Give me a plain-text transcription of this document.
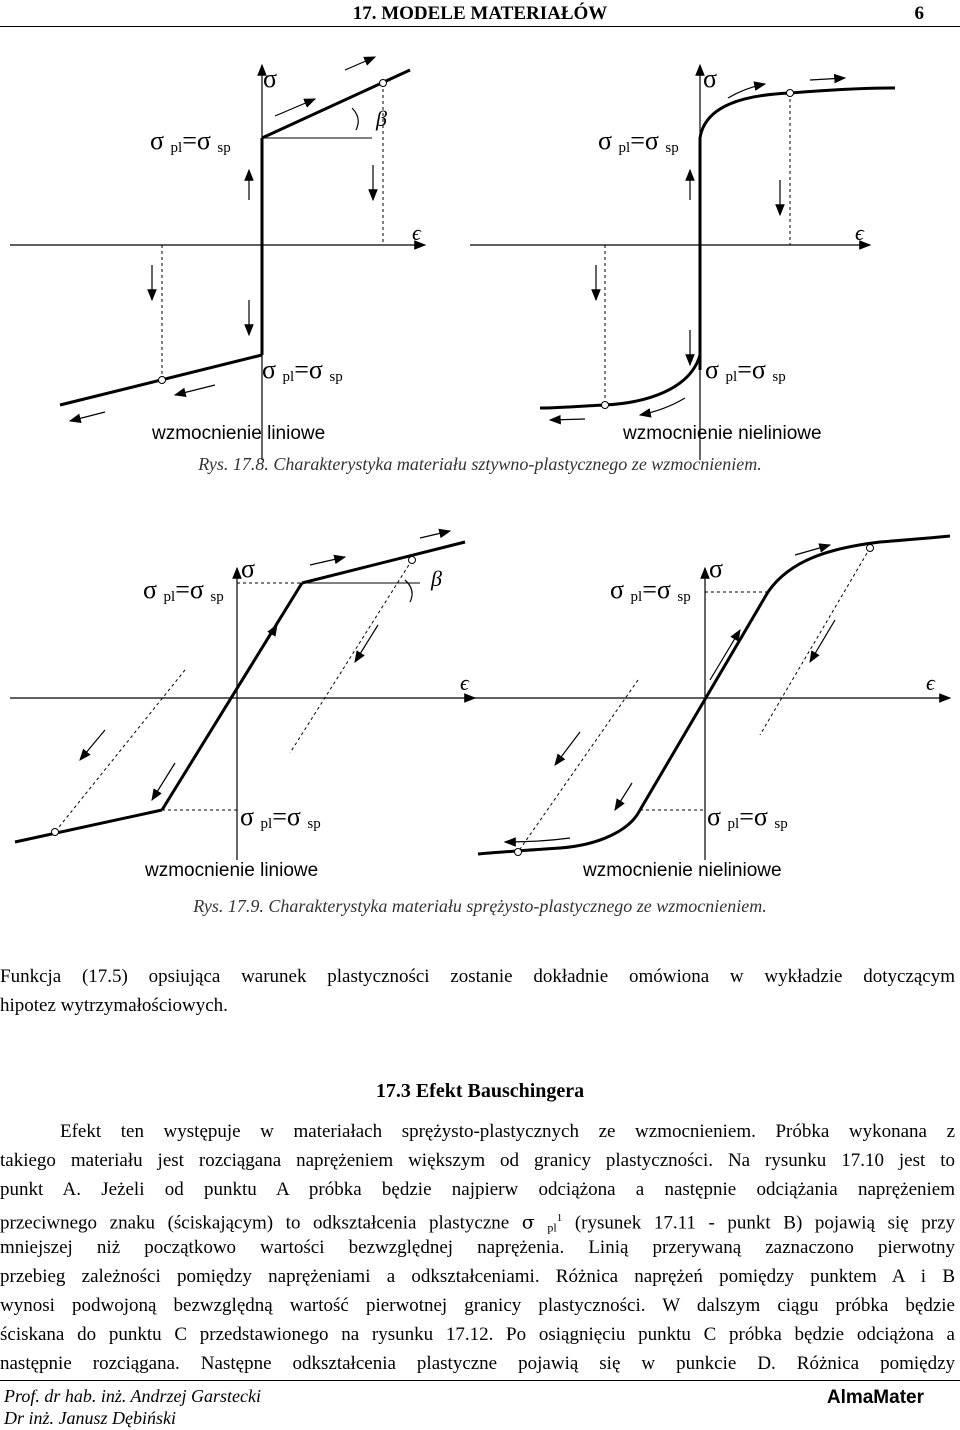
17. MODELE MATERIAŁÓW	6
σ	σ
ϵ	ϵ
β
σ $_{pl}$=σ $_{sp}$	σ $_{pl}$=σ $_{sp}$
σ $_{pl}$=σ $_{sp}$	σ $_{pl}$=σ $_{sp}$
wzmocnienie liniowe	wzmocnienie nieliniowe
Rys. 17.8. Charakterystyka materiału sztywno-plastycznego ze wzmocnieniem.
σ	σ
ϵ	ϵ
β
σ $_{pl}$=σ $_{sp}$	σ $_{pl}$=σ $_{sp}$
σ $_{pl}$=σ $_{sp}$	σ $_{pl}$=σ $_{sp}$
wzmocnienie liniowe	wzmocnienie nieliniowe
Rys. 17.9. Charakterystyka materiału sprężysto-plastycznego ze wzmocnieniem.
Funkcja (17.5) opsiująca warunek plastyczności zostanie dokładnie omówiona w wykładzie dotyczącym
hipotez wytrzymałościowych.
17.3 Efekt Bauschingera
Efekt ten występuje w materiałach sprężysto-plastycznych ze wzmocnieniem. Próbka wykonana z
takiego materiału jest rozciągana naprężeniem większym od granicy plastyczności. Na rysunku 17.10 jest to
punkt A. Jeżeli od punktu A próbka będzie najpierw odciążona a następnie odciążania naprężeniem
przeciwnego znaku (ściskającym) to odkształcenia plastyczne σ $pl^1$ (rysunek 17.11 - punkt B) pojawią się przy
mniejszej niż początkowo wartości bezwzględnej naprężenia. Linią przerywaną zaznaczono pierwotny
przebieg zależności pomiędzy naprężeniami a odkształceniami. Różnica naprężeń pomiędzy punktem A i B
wynosi podwojoną bezwzględną wartość pierwotnej granicy plastyczności. W dalszym ciągu próbka będzie
ściskana do punktu C przedstawionego na rysunku 17.12. Po osiągnięciu punktu C próbka będzie odciążona a
następnie rozciągana. Następne odkształcenia plastyczne pojawią się w punkcie D. Różnica pomiędzy
Prof. dr hab. inż. Andrzej Garstecki
Dr inż. Janusz Dębiński
AlmaMater
